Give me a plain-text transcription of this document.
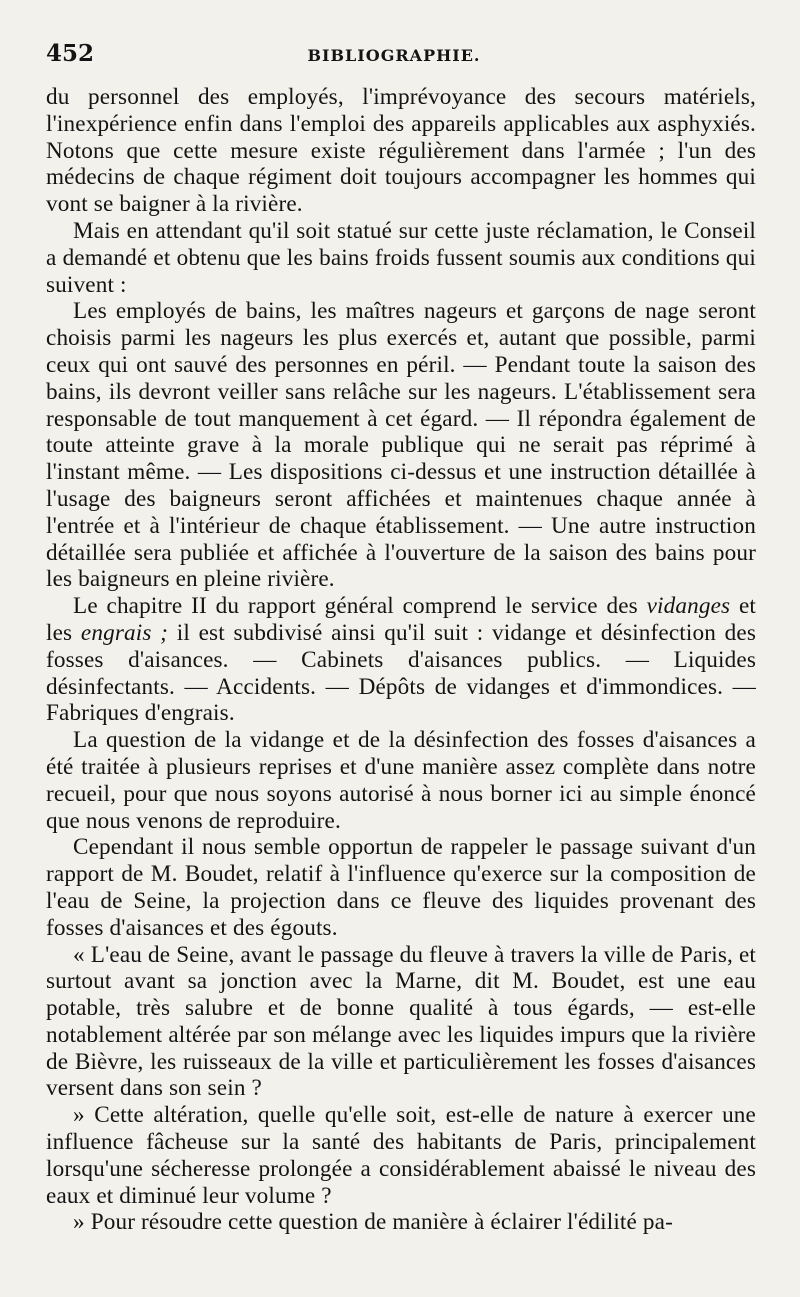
452	BIBLIOGRAPHIE.

du personnel des employés, l'imprévoyance des secours matériels, l'inexpérience enfin dans l'emploi des appareils applicables aux asphyxiés. Notons que cette mesure existe régulièrement dans l'armée ; l'un des médecins de chaque régiment doit toujours accompagner les hommes qui vont se baigner à la rivière.

Mais en attendant qu'il soit statué sur cette juste réclamation, le Conseil a demandé et obtenu que les bains froids fussent soumis aux conditions qui suivent :

Les employés de bains, les maîtres nageurs et garçons de nage seront choisis parmi les nageurs les plus exercés et, autant que possible, parmi ceux qui ont sauvé des personnes en péril. — Pendant toute la saison des bains, ils devront veiller sans relâche sur les nageurs. L'établissement sera responsable de tout manquement à cet égard. — Il répondra également de toute atteinte grave à la morale publique qui ne serait pas réprimé à l'instant même. — Les dispositions ci-dessus et une instruction détaillée à l'usage des baigneurs seront affichées et maintenues chaque année à l'entrée et à l'intérieur de chaque établissement. — Une autre instruction détaillée sera publiée et affichée à l'ouverture de la saison des bains pour les baigneurs en pleine rivière.

Le chapitre II du rapport général comprend le service des vidanges et les engrais ; il est subdivisé ainsi qu'il suit : vidange et désinfection des fosses d'aisances. — Cabinets d'aisances publics. — Liquides désinfectants. — Accidents. — Dépôts de vidanges et d'immondices. — Fabriques d'engrais.

La question de la vidange et de la désinfection des fosses d'aisances a été traitée à plusieurs reprises et d'une manière assez complète dans notre recueil, pour que nous soyons autorisé à nous borner ici au simple énoncé que nous venons de reproduire.

Cependant il nous semble opportun de rappeler le passage suivant d'un rapport de M. Boudet, relatif à l'influence qu'exerce sur la composition de l'eau de Seine, la projection dans ce fleuve des liquides provenant des fosses d'aisances et des égouts.

« L'eau de Seine, avant le passage du fleuve à travers la ville de Paris, et surtout avant sa jonction avec la Marne, dit M. Boudet, est une eau potable, très salubre et de bonne qualité à tous égards, — est-elle notablement altérée par son mélange avec les liquides impurs que la rivière de Bièvre, les ruisseaux de la ville et particulièrement les fosses d'aisances versent dans son sein ?

» Cette altération, quelle qu'elle soit, est-elle de nature à exercer une influence fâcheuse sur la santé des habitants de Paris, principalement lorsqu'une sécheresse prolongée a considérablement abaissé le niveau des eaux et diminué leur volume ?

» Pour résoudre cette question de manière à éclairer l'édilité pa-
